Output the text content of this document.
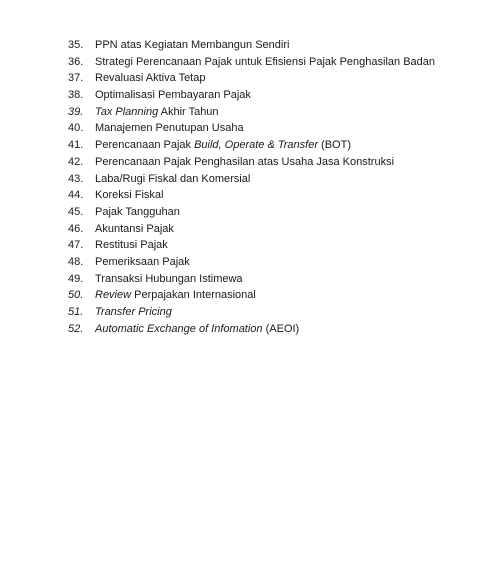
35.	PPN atas Kegiatan Membangun Sendiri
36.	Strategi Perencanaan Pajak untuk Efisiensi Pajak Penghasilan Badan
37.	Revaluasi Aktiva Tetap
38.	Optimalisasi Pembayaran Pajak
39.	Tax Planning Akhir Tahun
40.	Manajemen Penutupan Usaha
41.	Perencanaan Pajak Build, Operate & Transfer (BOT)
42.	Perencanaan Pajak Penghasilan atas Usaha Jasa Konstruksi
43.	Laba/Rugi Fiskal dan Komersial
44.	Koreksi Fiskal
45.	Pajak Tangguhan
46.	Akuntansi Pajak
47.	Restitusi Pajak
48.	Pemeriksaan Pajak
49.	Transaksi Hubungan Istimewa
50.	Review Perpajakan Internasional
51.	Transfer Pricing
52.	Automatic Exchange of Infomation (AEOI)
